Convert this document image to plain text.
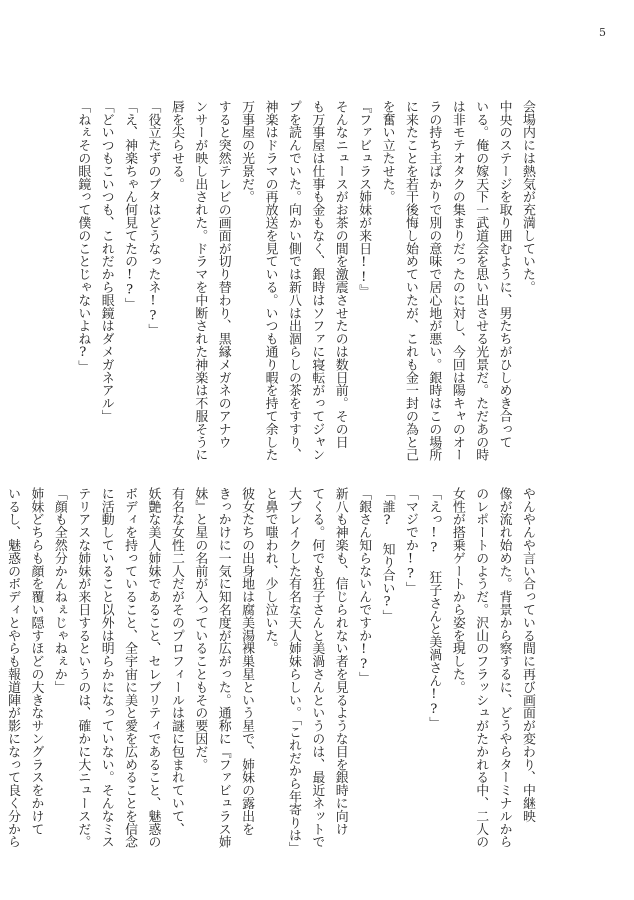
5
会場内には熱気が充満していた。
中央のステージを取り囲むように、男たちがひしめき合って
いる。俺の嫁天下一武道会を思い出させる光景だ。ただあの時
は非モテオタクの集まりだったのに対し、今回は陽キャのオー
ラの持ち主ばかりで別の意味で居心地が悪い。銀時はこの場所
に来たことを若干後悔し始めていたが、これも金一封の為と己
を奮い立たせた。
『ファビュラス姉妹が来日!!』
そんなニュースがお茶の間を激震させたのは数日前。その日
も万事屋は仕事も金もなく、銀時はソファに寝転がってジャン
プを読んでいた。向かい側では新八は出涸らしの茶をすすり、
神楽はドラマの再放送を見ている。いつも通り暇を持て余した
万事屋の光景だ。
すると突然テレビの画面が切り替わり、黒縁メガネのアナウ
ンサーが映し出された。ドラマを中断された神楽は不服そうに
唇を尖らせる。
「役立たずのブタはどうなったネ!?」
「え、神楽ちゃん何見てたの!?」
「どいつもこいつも、これだから眼鏡はダメガネアル」
「ねぇその眼鏡って僕のことじゃないよね?」
やんやんや言い合っている間に再び画面が変わり、中継映
像が流れ始めた。背景から察するに、どうやらターミナルから
のレポートのようだ。沢山のフラッシュがたかれる中、二人の
女性が搭乗ゲートから姿を現した。
「えっ!? 狂子さんと美渦さん!?」
「マジでか!?」
「誰? 知り合い?」
「銀さん知らないんですか!?」
新八も神楽も、信じられない者を見るような目を銀時に向け
てくる。何でも狂子さんと美渦さんというのは、最近ネットで
大ブレイクした有名な天人姉妹らしい。「これだから年寄りは」
と鼻で嗤われ、少し泣いた。
彼女たちの出身地は腐美湯裸巣星という星で、姉妹の露出を
きっかけに一気に知名度が広がった。通称に『ファビュラス姉
妹』と星の名前が入っていることもその要因だ。
有名な女性二人だがそのプロフィールは謎に包まれていて、
妖艶な美人姉妹であること、セレブリティであること、魅惑の
ボディを持っていること、全宇宙に美と愛を広めることを信念
に活動していること以外は明らかになっていない。そんなミス
テリアスな姉妹が来日するというのは、確かに大ニュースだ。
「顔も全然分かんねぇじゃねぇか」
姉妹どちらも顔を覆い隠すほどの大きなサングラスをかけて
いるし、魅惑のボディとやらも報道陣が影になって良く分から
